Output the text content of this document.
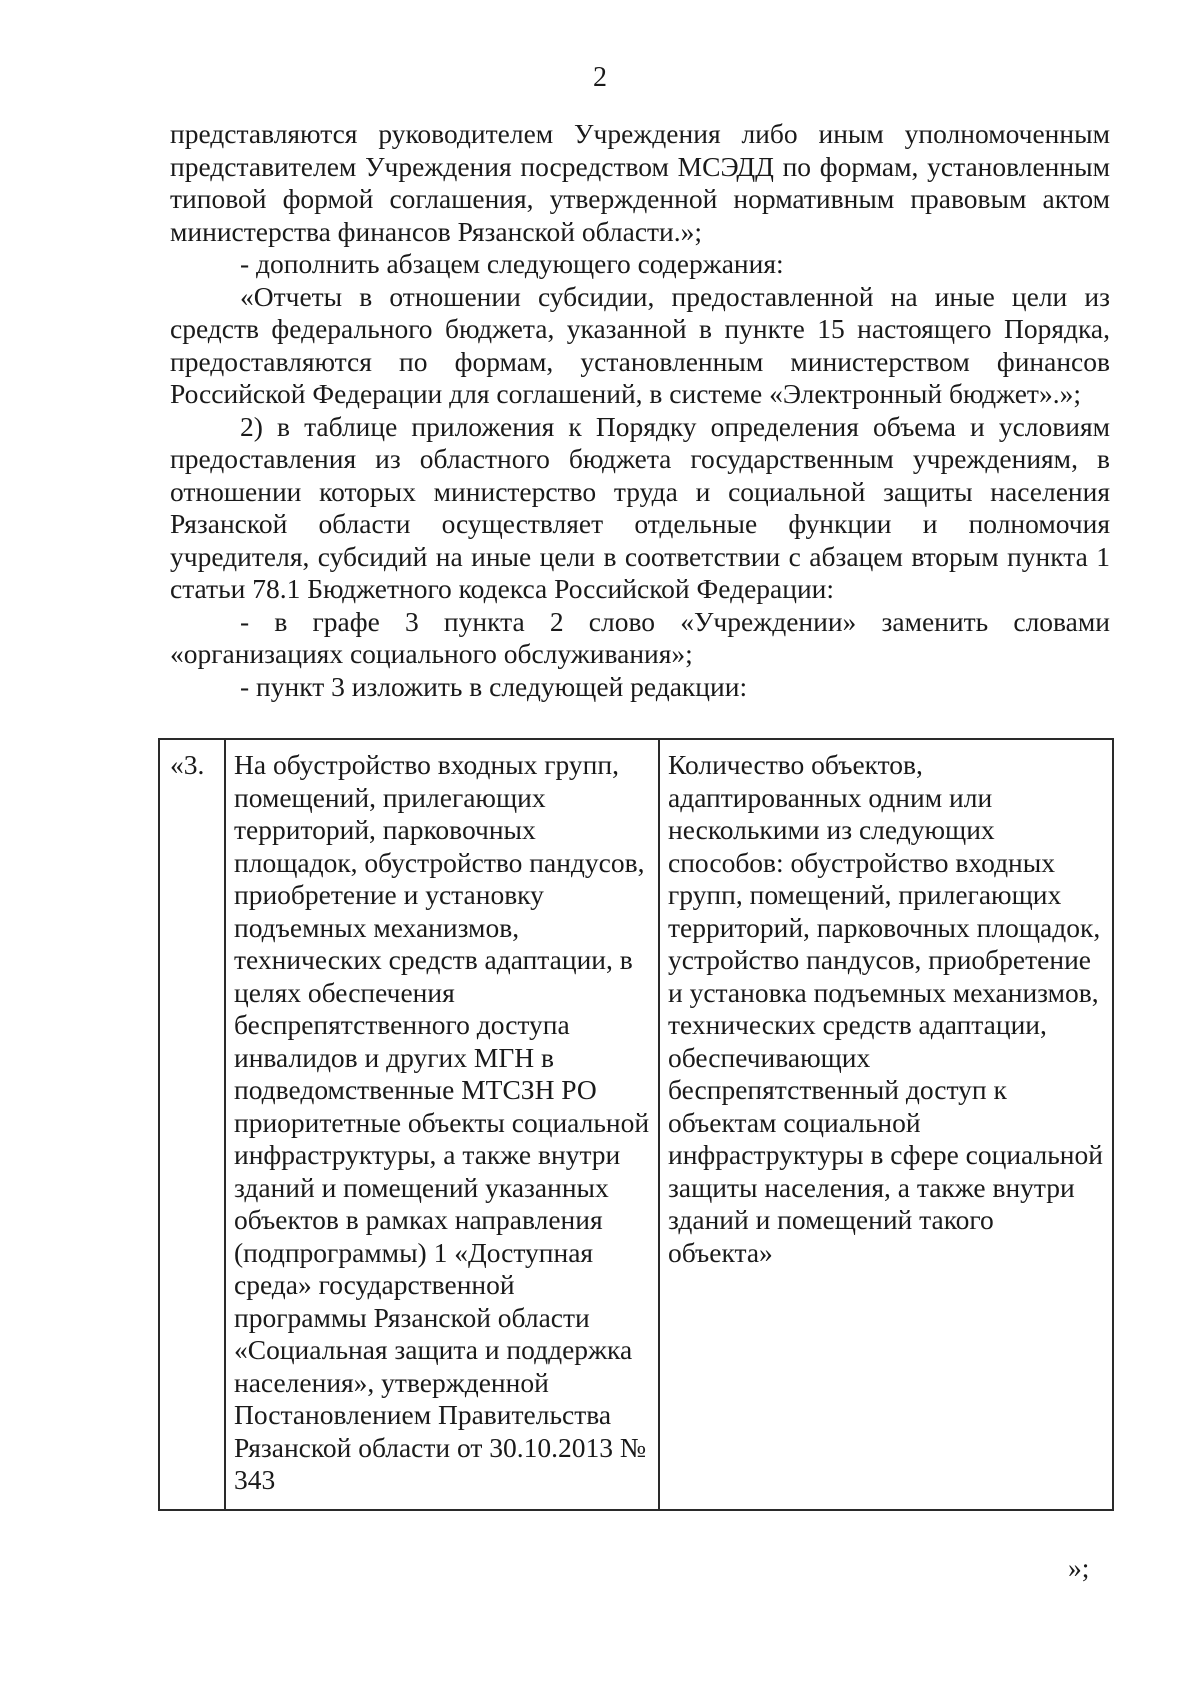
2

представляются руководителем Учреждения либо иным уполномоченным представителем Учреждения посредством МСЭДД по формам, установленным типовой формой соглашения, утвержденной нормативным правовым актом министерства финансов Рязанской области.»;

- дополнить абзацем следующего содержания:

«Отчеты в отношении субсидии, предоставленной на иные цели из средств федерального бюджета, указанной в пункте 15 настоящего Порядка, предоставляются по формам, установленным министерством финансов Российской Федерации для соглашений, в системе «Электронный бюджет».»;

2) в таблице приложения к Порядку определения объема и условиям предоставления из областного бюджета государственным учреждениям, в отношении которых министерство труда и социальной защиты населения Рязанской области осуществляет отдельные функции и полномочия учредителя, субсидий на иные цели в соответствии с абзацем вторым пункта 1 статьи 78.1 Бюджетного кодекса Российской Федерации:

- в графе 3 пункта 2 слово «Учреждении» заменить словами «организациях социального обслуживания»;

- пункт 3 изложить в следующей редакции:

«3.	На обустройство входных групп, помещений, прилегающих территорий, парковочных площадок, обустройство пандусов, приобретение и установку подъемных механизмов, технических средств адаптации, в целях обеспечения беспрепятственного доступа инвалидов и других МГН в подведомственные МТСЗН РО приоритетные объекты социальной инфраструктуры, а также внутри зданий и помещений указанных объектов в рамках направления (подпрограммы) 1 «Доступная среда» государственной программы Рязанской области «Социальная защита и поддержка населения», утвержденной Постановлением Правительства Рязанской области от 30.10.2013 № 343	Количество объектов, адаптированных одним или несколькими из следующих способов: обустройство входных групп, помещений, прилегающих территорий, парковочных площадок, устройство пандусов, приобретение и установка подъемных механизмов, технических средств адаптации, обеспечивающих беспрепятственный доступ к объектам социальной инфраструктуры в сфере социальной защиты населения, а также внутри зданий и помещений такого объекта»
»;
